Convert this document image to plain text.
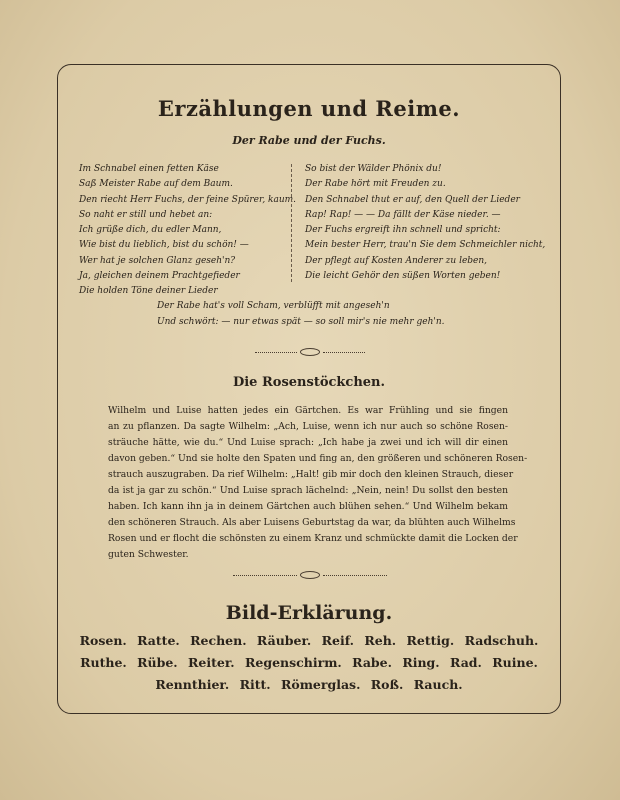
Erzählungen und Reime.
Der Rabe und der Fuchs.
Im Schnabel einen fetten Käse
Saß Meister Rabe auf dem Baum.
Den riecht Herr Fuchs, der feine Spürer, kaum.
So naht er still und hebet an:
Ich grüße dich, du edler Mann,
Wie bist du lieblich, bist du schön! —
Wer hat je solchen Glanz geseh'n?
Ja, gleichen deinem Prachtgefieder
Die holden Töne deiner Lieder
So bist der Wälder Phönix du!
Der Rabe hört mit Freuden zu.
Den Schnabel thut er auf, den Quell der Lieder
Rap! Rap! — — Da fällt der Käse nieder. —
Der Fuchs ergreift ihn schnell und spricht:
Mein bester Herr, trau'n Sie dem Schmeichler nicht,
Der pflegt auf Kosten Anderer zu leben,
Die leicht Gehör den süßen Worten geben!
Der Rabe hat's voll Scham, verblüfft mit angeseh'n
Und schwört: — nur etwas spät — so soll mir's nie mehr geh'n.
Die Rosenstöckchen.
Wilhelm und Luise hatten jedes ein Gärtchen. Es war Frühling und sie fingen
an zu pflanzen. Da sagte Wilhelm: „Ach, Luise, wenn ich nur auch so schöne Rosen-
sträuche hätte, wie du.“ Und Luise sprach: „Ich habe ja zwei und ich will dir einen
davon geben.“ Und sie holte den Spaten und fing an, den größeren und schöneren Rosen-
strauch auszugraben. Da rief Wilhelm: „Halt! gib mir doch den kleinen Strauch, dieser
da ist ja gar zu schön.“ Und Luise sprach lächelnd: „Nein, nein! Du sollst den besten
haben. Ich kann ihn ja in deinem Gärtchen auch blühen sehen.“ Und Wilhelm bekam
den schöneren Strauch. Als aber Luisens Geburtstag da war, da blühten auch Wilhelms
Rosen und er flocht die schönsten zu einem Kranz und schmückte damit die Locken der
guten Schwester.
Bild-Erklärung.
Rosen. Ratte. Rechen. Räuber. Reif. Reh. Rettig. Radschuh.
Ruthe. Rübe. Reiter. Regenschirm. Rabe. Ring. Rad. Ruine.
Rennthier. Ritt. Römerglas. Roß. Rauch.
